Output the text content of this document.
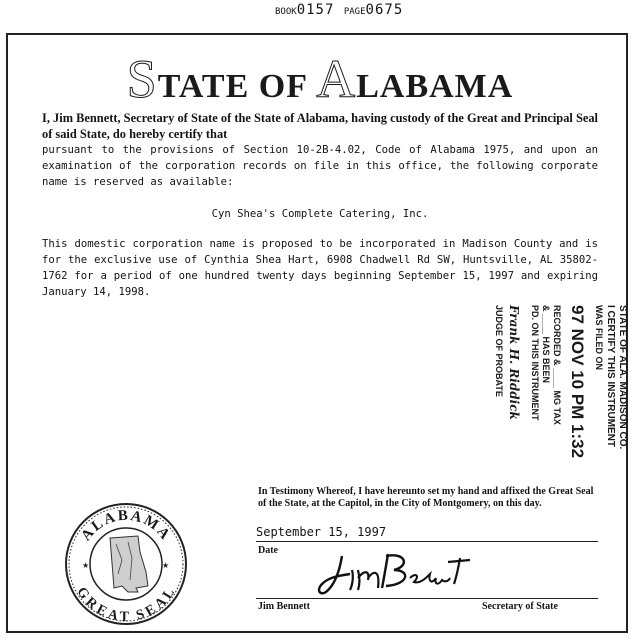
BOOK0157 PAGE0675
STATE OF ALABAMA
I, Jim Bennett, Secretary of State of the State of Alabama, having custody of the Great and Principal Seal of said State, do hereby certify that
pursuant to the provisions of Section 10-2B-4.02, Code of Alabama 1975, and upon an examination of the corporation records on file in this office, the following corporate name is reserved as available:
Cyn Shea's Complete Catering, Inc.
This domestic corporation name is proposed to be incorporated in Madison County and is for the exclusive use of Cynthia Shea Hart, 6908 Chadwell Rd SW, Huntsville, AL 35802-1762 for a period of one hundred twenty days beginning September 15, 1997 and expiring January 14, 1998.
STATE OF ALA. MADISON CO.
I CERTIFY THIS INSTRUMENT
WAS FILED ON
97 NOV 10 PM 1:32
RECORDED & ____ MG TAX
& ____ HAS BEEN
PD. ON THIS INSTRUMENT
Frank H. Riddick
JUDGE OF PROBATE
In Testimony Whereof, I have hereunto set my hand and affixed the Great Seal of the State, at the Capitol, in the City of Montgomery, on this day.
September 15, 1997
Date	Jim Bennett
Jim Bennett	Secretary of State
ALABAMA
GREAT SEAL
★	★
